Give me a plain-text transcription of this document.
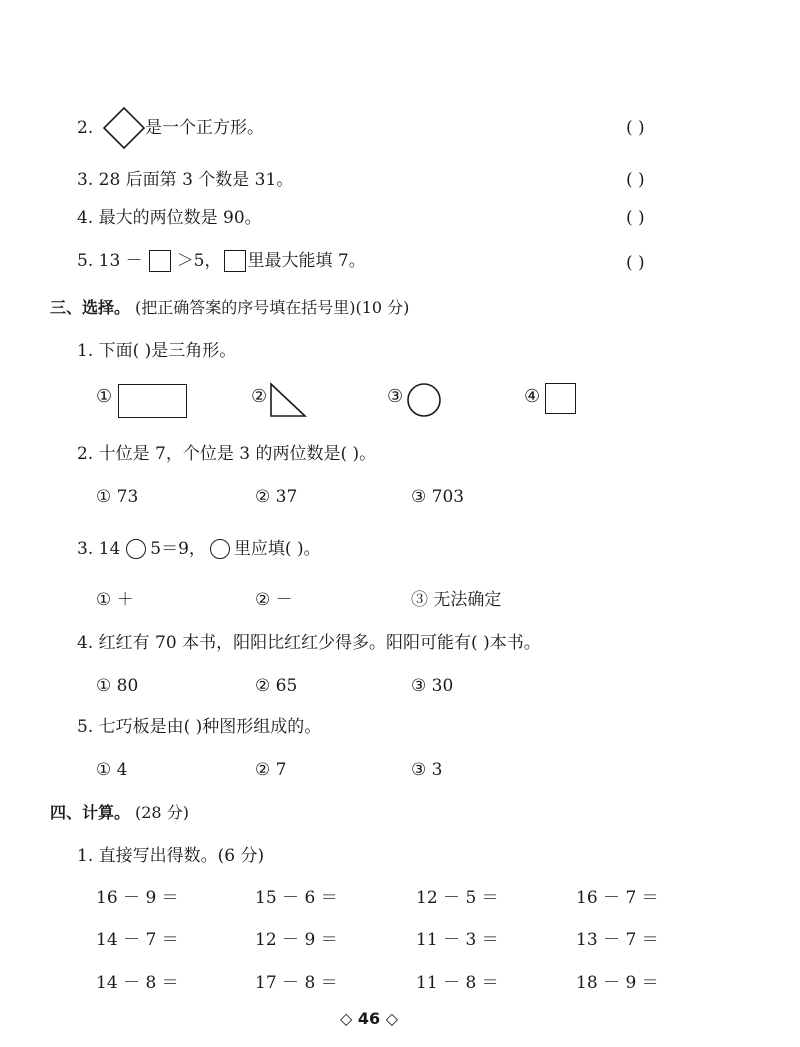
2.	是一个正方形。	( )
3. 28 后面第 3 个数是 31。	( )
4. 最大的两位数是 90。	( )
5. 13 － ＞5， 里最大能填 7。	( )
三、选择。 (把正确答案的序号填在括号里)(10 分)
1. 下面( )是三角形。
①	②	③	④
2. 十位是 7，个位是 3 的两位数是( )。
① 73	② 37	③ 703
3. 14 5＝9， 里应填( )。
① ＋	② －	③ 无法确定
4. 红红有 70 本书，阳阳比红红少得多。阳阳可能有( )本书。
① 80	② 65	③ 30
5. 七巧板是由( )种图形组成的。
① 4	② 7	③ 3
四、计算。 (28 分)
1. 直接写出得数。(6 分)
16 － 9 ＝	15 － 6 ＝	12 － 5 ＝	16 － 7 ＝
14 － 7 ＝	12 － 9 ＝	11 － 3 ＝	13 － 7 ＝
14 － 8 ＝	17 － 8 ＝	11 － 8 ＝	18 － 9 ＝
◇ 46 ◇
